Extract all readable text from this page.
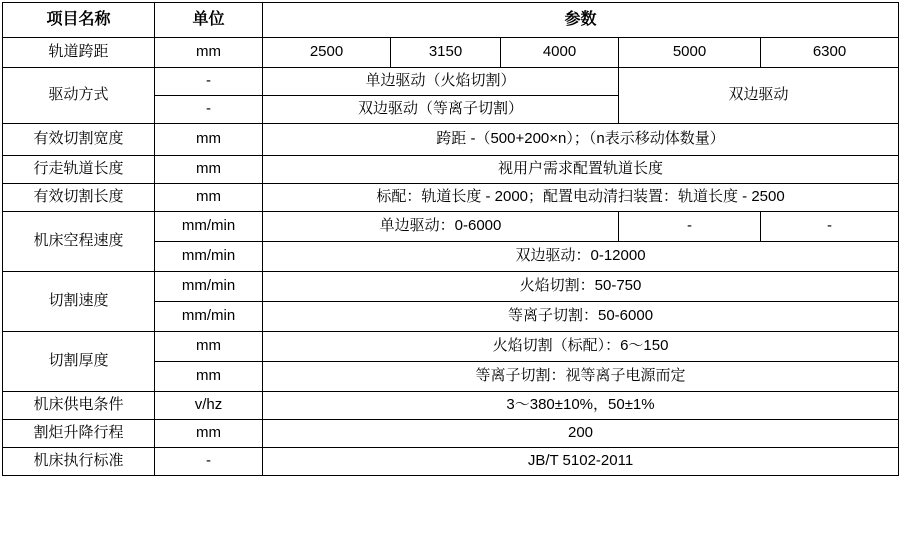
项目名称	单位	参数				
轨道跨距	mm	2500	3150	4000	5000	6300
驱动方式	-	单边驱动（火焰切割）			双边驱动	
	-	双边驱动（等离子切割）				
有效切割宽度	mm	跨距 -（500+200×n）；（n表示移动体数量）				
行走轨道长度	mm	视用户需求配置轨道长度				
有效切割长度	mm	标配：轨道长度 - 2000；配置电动清扫装置：轨道长度 - 2500				
机床空程速度	mm/min	单边驱动：0-6000			-	-
	mm/min	双边驱动：0-12000				
切割速度	mm/min	火焰切割：50-750				
	mm/min	等离子切割：50-6000				
切割厚度	mm	火焰切割（标配）：6～150				
	mm	等离子切割：视等离子电源而定				
机床供电条件	v/hz	3～380±10%，50±1%				
割炬升降行程	mm	200				
机床执行标准	-	JB/T 5102-2011				
